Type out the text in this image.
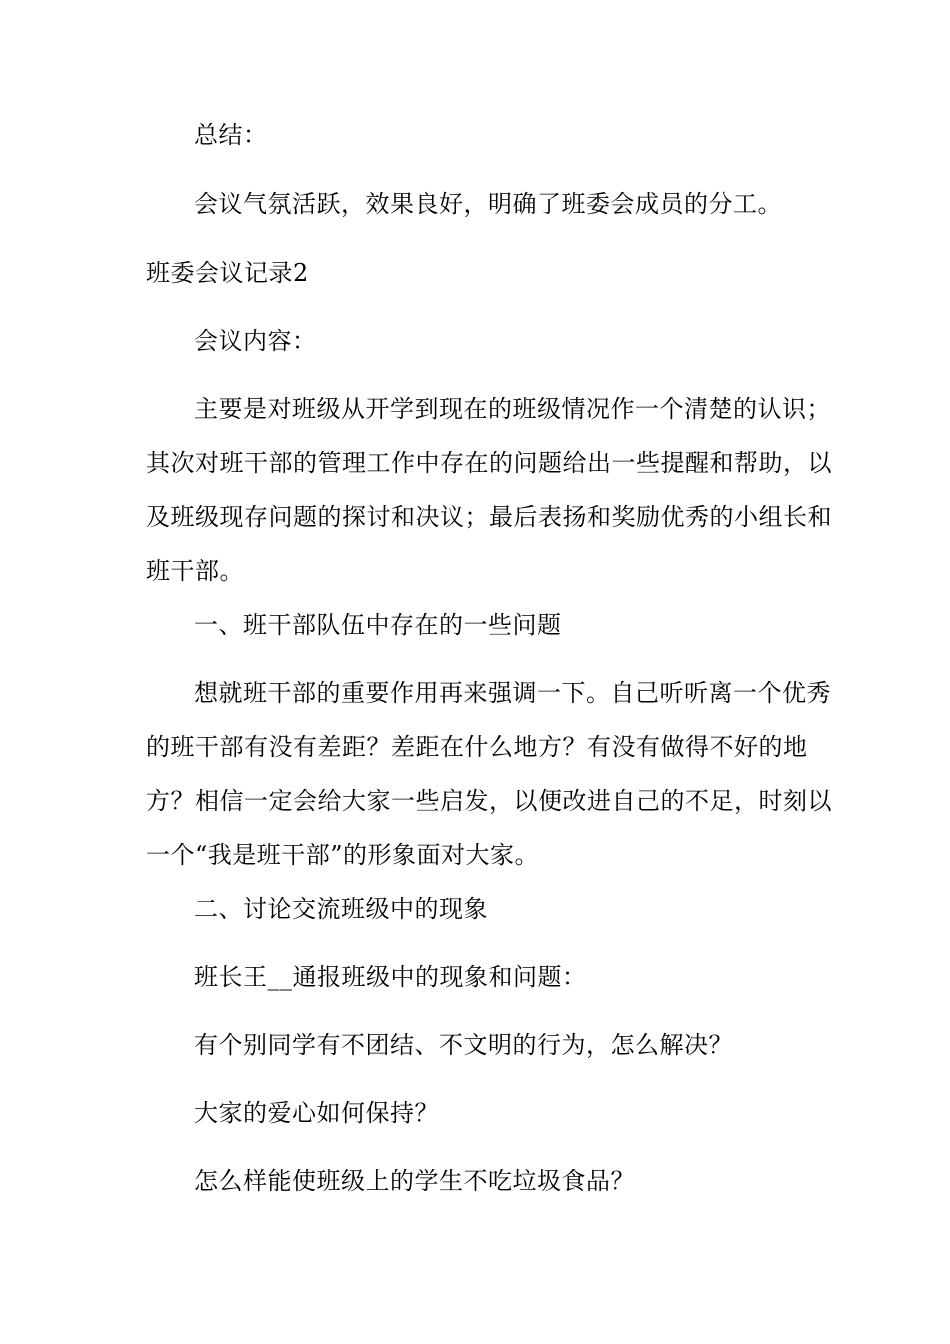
总结：

会议气氛活跃，效果良好，明确了班委会成员的分工。

班委会议记录2

会议内容：

主要是对班级从开学到现在的班级情况作一个清楚的认识；
其次对班干部的管理工作中存在的问题给出一些提醒和帮助，以
及班级现存问题的探讨和决议；最后表扬和奖励优秀的小组长和
班干部。

一、班干部队伍中存在的一些问题

想就班干部的重要作用再来强调一下。自己听听离一个优秀
的班干部有没有差距？差距在什么地方？有没有做得不好的地
方？相信一定会给大家一些启发，以便改进自己的不足，时刻以
一个“我是班干部”的形象面对大家。

二、讨论交流班级中的现象

班长王__通报班级中的现象和问题：

有个别同学有不团结、不文明的行为，怎么解决？

大家的爱心如何保持？

怎么样能使班级上的学生不吃垃圾食品？
